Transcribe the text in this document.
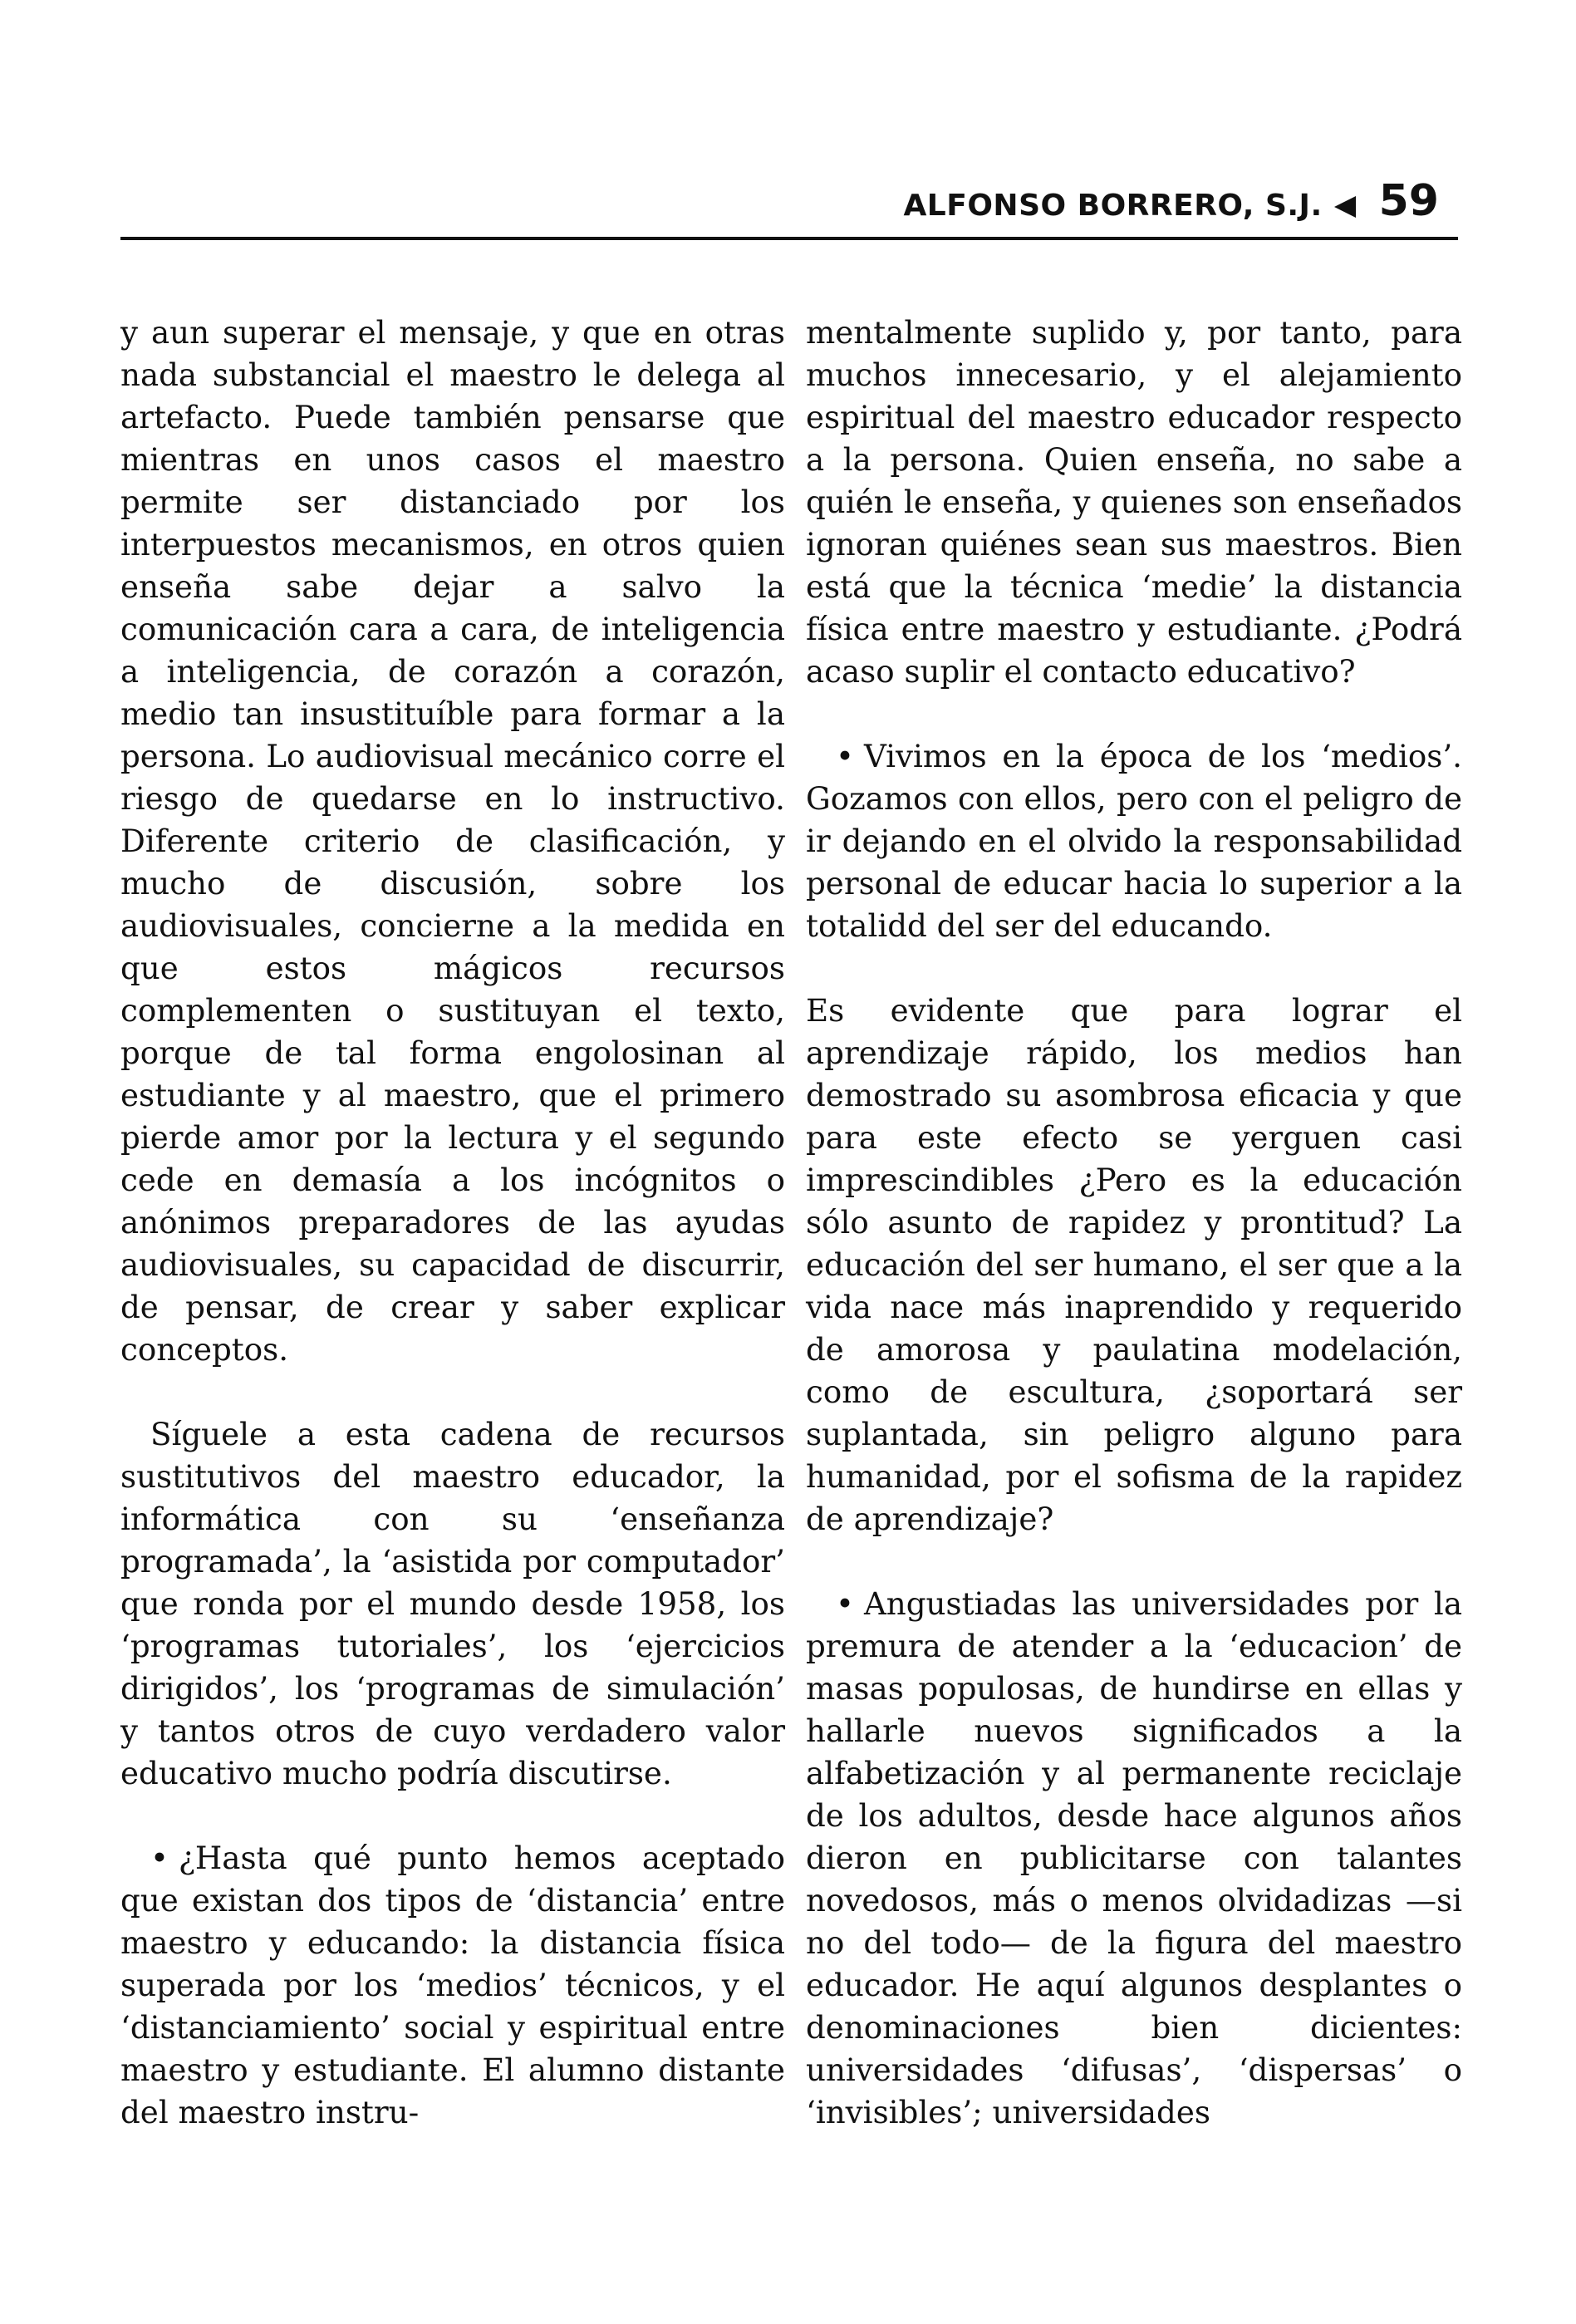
ALFONSO BORRERO, S.J. 59

y aun superar el mensaje, y que en otras nada substancial el maestro le delega al artefacto. Puede también pensarse que mientras en unos casos el maestro permite ser distanciado por los interpuestos mecanismos, en otros quien enseña sabe dejar a salvo la comunicación cara a cara, de inteligencia a inteligencia, de corazón a corazón, medio tan insustituíble para formar a la persona. Lo audiovisual mecánico corre el riesgo de quedarse en lo instructivo. Diferente criterio de clasificación, y mucho de discusión, sobre los audiovisuales, concierne a la medida en que estos mágicos recursos complementen o sustituyan el texto, porque de tal forma engolosinan al estudiante y al maestro, que el primero pierde amor por la lectura y el segundo cede en demasía a los incógnitos o anónimos preparadores de las ayudas audiovisuales, su capacidad de discurrir, de pensar, de crear y saber explicar conceptos.

Síguele a esta cadena de recursos sustitutivos del maestro educador, la informática con su ‘enseñanza programada’, la ‘asistida por computador’ que ronda por el mundo desde 1958, los ‘programas tutoriales’, los ‘ejercicios dirigidos’, los ‘programas de simulación’ y tantos otros de cuyo verdadero valor educativo mucho podría discutirse.

• ¿Hasta qué punto hemos aceptado que existan dos tipos de ‘distancia’ entre maestro y educando: la distancia física superada por los ‘medios’ técnicos, y el ‘distanciamiento’ social y espiritual entre maestro y estudiante. El alumno distante del maestro instru-

mentalmente suplido y, por tanto, para muchos innecesario, y el alejamiento espiritual del maestro educador respecto a la persona. Quien enseña, no sabe a quién le enseña, y quienes son enseñados ignoran quiénes sean sus maestros. Bien está que la técnica ‘medie’ la distancia física entre maestro y estudiante. ¿Podrá acaso suplir el contacto educativo?

• Vivimos en la época de los ‘medios’. Gozamos con ellos, pero con el peligro de ir dejando en el olvido la responsabilidad personal de educar hacia lo superior a la totalidd del ser del educando.

Es evidente que para lograr el aprendizaje rápido, los medios han demostrado su asombrosa eficacia y que para este efecto se yerguen casi imprescindibles ¿Pero es la educación sólo asunto de rapidez y prontitud? La educación del ser humano, el ser que a la vida nace más inaprendido y requerido de amorosa y paulatina modelación, como de escultura, ¿soportará ser suplantada, sin peligro alguno para humanidad, por el sofisma de la rapidez de aprendizaje?

• Angustiadas las universidades por la premura de atender a la ‘educacion’ de masas populosas, de hundirse en ellas y hallarle nuevos significados a la alfabetización y al permanente reciclaje de los adultos, desde hace algunos años dieron en publicitarse con talantes novedosos, más o menos olvidadizas —si no del todo— de la figura del maestro educador. He aquí algunos desplantes o denominaciones bien dicientes: universidades ‘difusas’, ‘dispersas’ o ‘invisibles’; universidades
